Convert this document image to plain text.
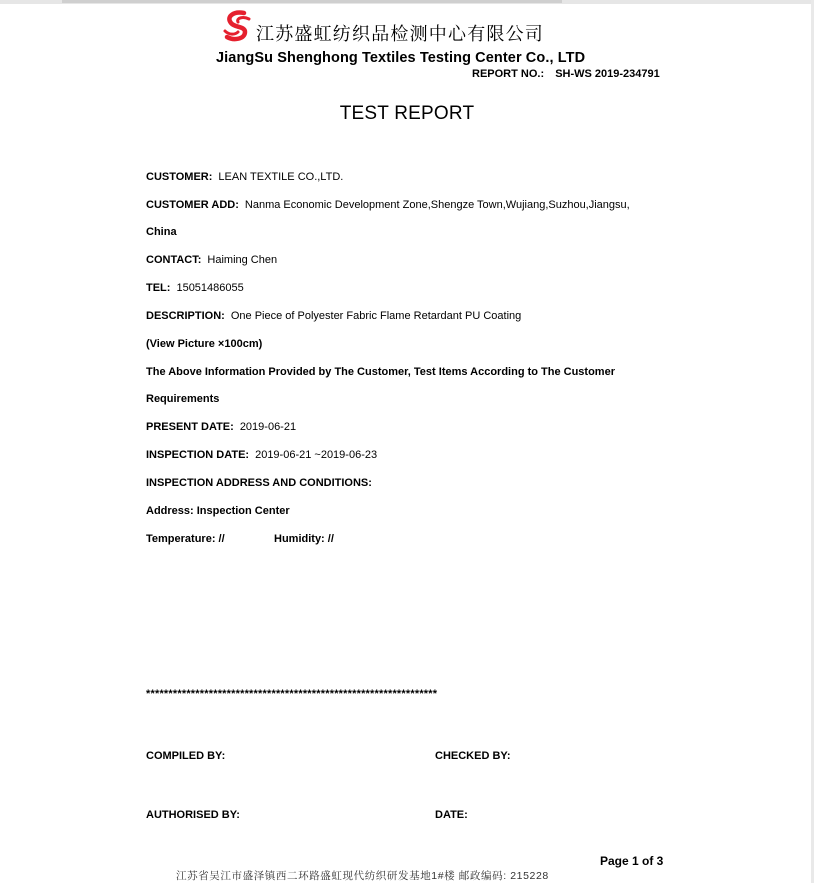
江苏盛虹纺织品检测中心有限公司
JiangSu Shenghong Textiles Testing Center Co., LTD
REPORT NO.: SH-WS 2019-234791
TEST REPORT
CUSTOMER: LEAN TEXTILE CO.,LTD.
CUSTOMER ADD: Nanma Economic Development Zone,Shengze Town,Wujiang,Suzhou,Jiangsu,
China
CONTACT: Haiming Chen
TEL: 15051486055
DESCRIPTION: One Piece of Polyester Fabric Flame Retardant PU Coating
(View Picture ×100cm)
The Above Information Provided by The Customer, Test Items According to The Customer
Requirements
PRESENT DATE: 2019-06-21
INSPECTION DATE: 2019-06-21 ~2019-06-23
INSPECTION ADDRESS AND CONDITIONS:
Address: Inspection Center
Temperature: //	Humidity: //
*****************************************************************
COMPILED BY:	CHECKED BY:
AUTHORISED BY:	DATE:
Page 1 of 3
江苏省吴江市盛泽镇西二环路盛虹现代纺织研发基地1#楼 邮政编码: 215228
